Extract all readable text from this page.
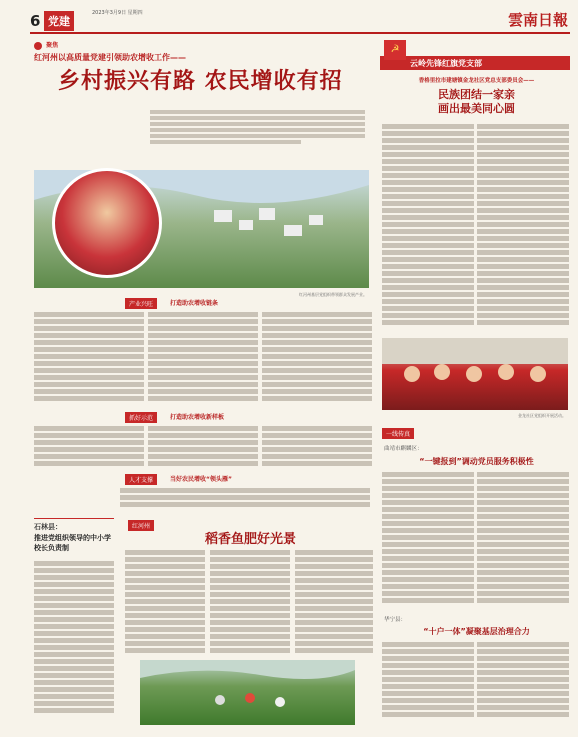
6 党建
2023年3月9日 星期四	雲南日報
聚焦
红河州以高质量党建引领助农增收工作——
乡村振兴有路 农民增收有招
红河州基层党组织带领群众发展产业。
产业兴旺	打造助农增收链条
抓好示范	打造助农增收新样板
人才支撑	当好农民增收“领头雁”
石林县：
推进党组织领导的中小学校长负责制
红河州
稻香鱼肥好光景
☭
云岭先锋红旗党支部
香格里拉市建塘镇金龙社区党总支部委员会——
民族团结一家亲
画出最美同心圆
金龙社区党组织开展活动。
一线传真
曲靖市麒麟区：
“一键报到”调动党员服务积极性
华宁县：
“十户一体”凝聚基层治理合力
